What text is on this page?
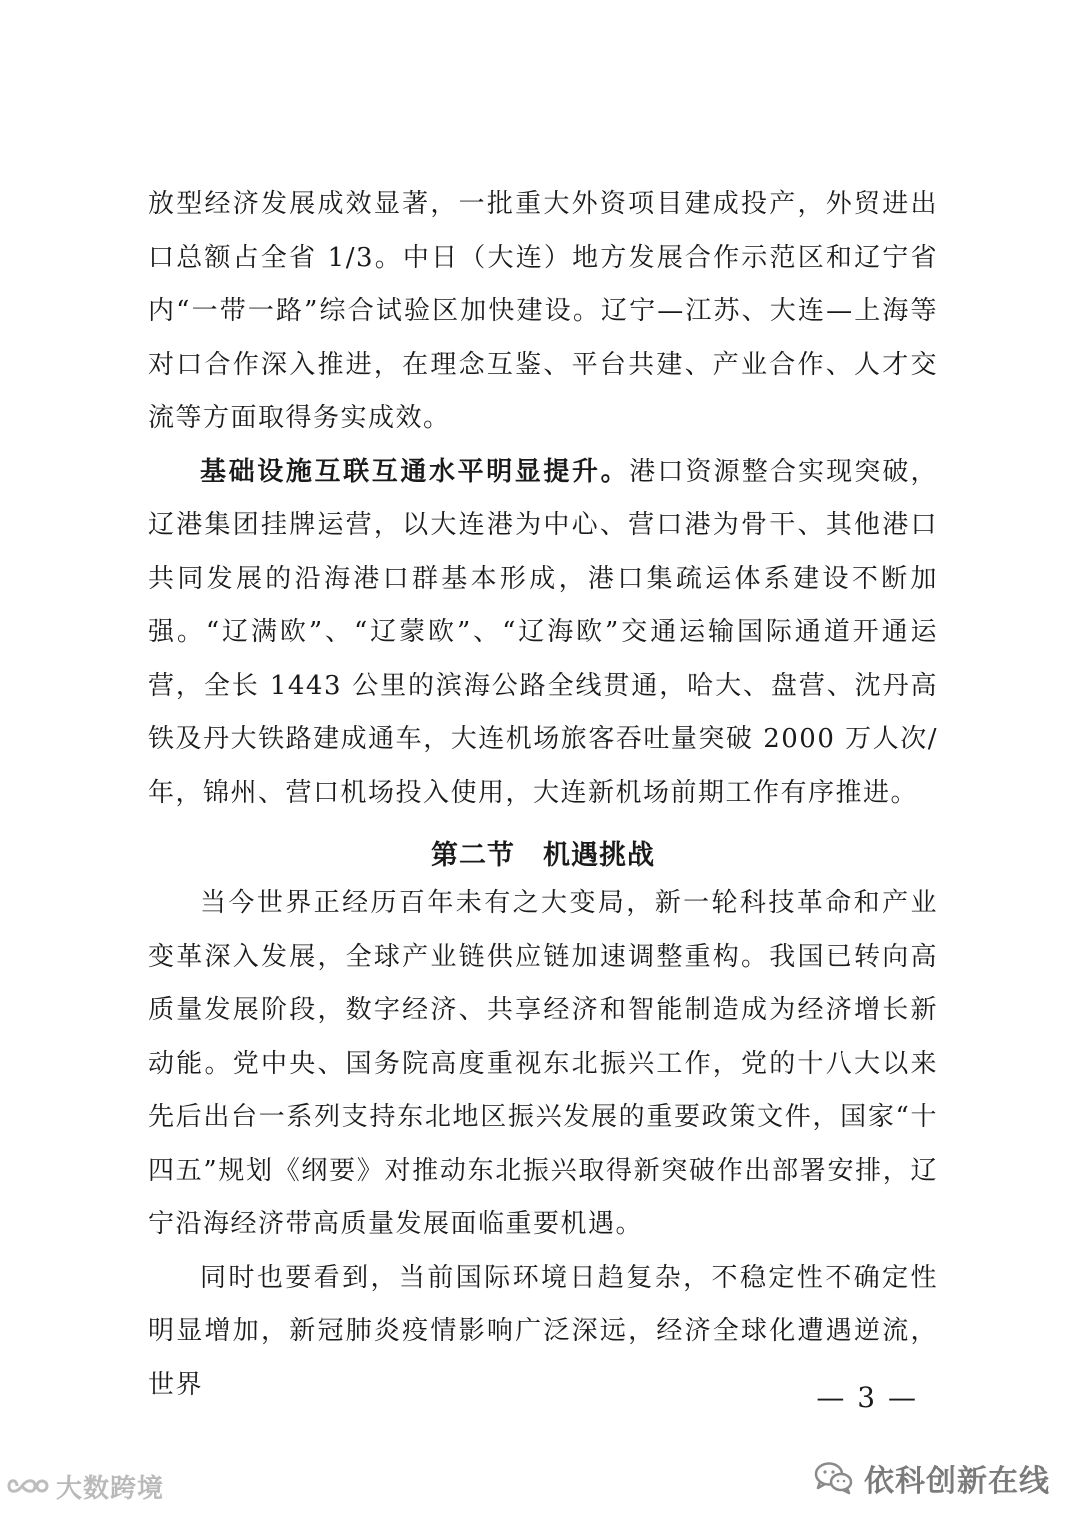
放型经济发展成效显著，一批重大外资项目建成投产，外贸进出口总额占全省 1/3。中日（大连）地方发展合作示范区和辽宁省内“一带一路”综合试验区加快建设。辽宁—江苏、大连—上海等对口合作深入推进，在理念互鉴、平台共建、产业合作、人才交流等方面取得务实成效。

基础设施互联互通水平明显提升。港口资源整合实现突破，辽港集团挂牌运营，以大连港为中心、营口港为骨干、其他港口共同发展的沿海港口群基本形成，港口集疏运体系建设不断加强。“辽满欧”、“辽蒙欧”、“辽海欧”交通运输国际通道开通运营，全长 1443 公里的滨海公路全线贯通，哈大、盘营、沈丹高铁及丹大铁路建成通车，大连机场旅客吞吐量突破 2000 万人次/年，锦州、营口机场投入使用，大连新机场前期工作有序推进。

第二节　机遇挑战

当今世界正经历百年未有之大变局，新一轮科技革命和产业变革深入发展，全球产业链供应链加速调整重构。我国已转向高质量发展阶段，数字经济、共享经济和智能制造成为经济增长新动能。党中央、国务院高度重视东北振兴工作，党的十八大以来先后出台一系列支持东北地区振兴发展的重要政策文件，国家“十四五”规划《纲要》对推动东北振兴取得新突破作出部署安排，辽宁沿海经济带高质量发展面临重要机遇。

同时也要看到，当前国际环境日趋复杂，不稳定性不确定性明显增加，新冠肺炎疫情影响广泛深远，经济全球化遭遇逆流，世界	— 3 —
大数跨境	依科创新在线
